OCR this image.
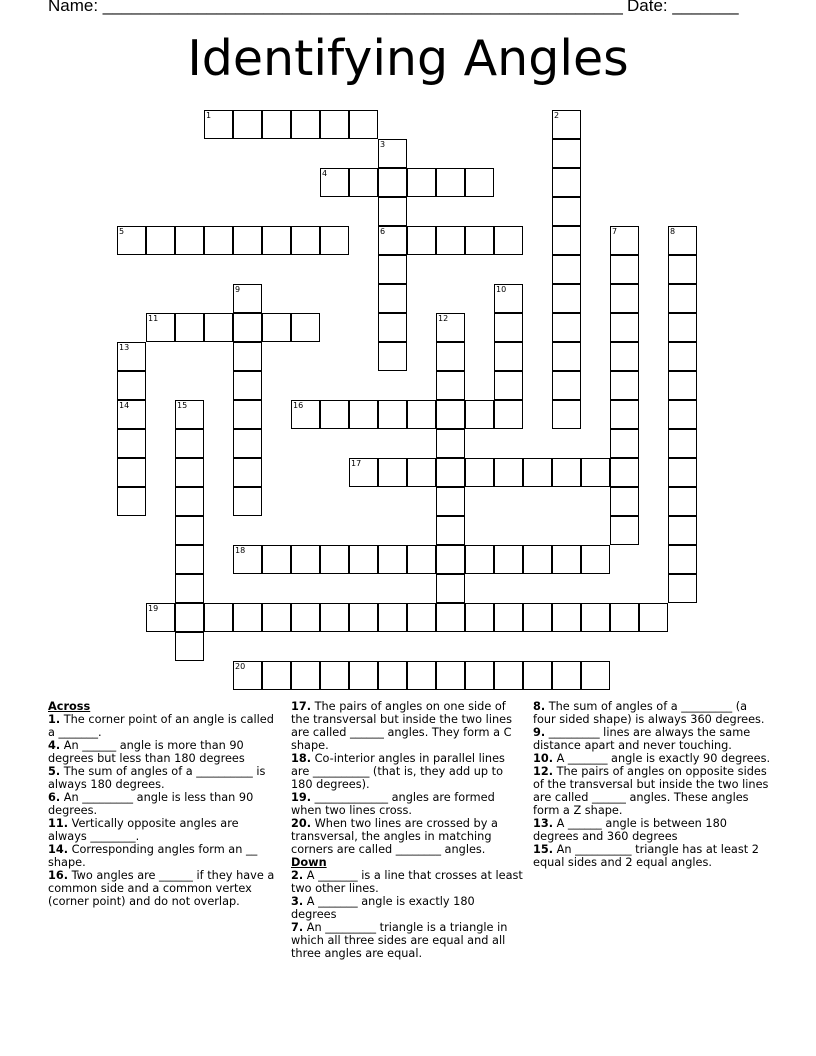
Name: _______________________________________________________ Date: _______
Identifying Angles
1	2
3
6
4
5	7	8
9	10
11	12
13
14	15	16
17
18
19
20
Across
1. The corner point of an angle is called a _______.
4. An ______ angle is more than 90 degrees but less than 180 degrees
5. The sum of angles of a __________ is always 180 degrees.
6. An _________ angle is less than 90 degrees.
11. Vertically opposite angles are always ________.
14. Corresponding angles form an __ shape.
16. Two angles are ______ if they have a common side and a common vertex (corner point) and do not overlap.
17. The pairs of angles on one side of the transversal but inside the two lines are called ______ angles. They form a C shape.
18. Co-interior angles in parallel lines are __________ (that is, they add up to 180 degrees).
19. _____________ angles are formed when two lines cross.
20. When two lines are crossed by a transversal, the angles in matching corners are called ________ angles.
Down
2. A _______ is a line that crosses at least two other lines.
3. A _______ angle is exactly 180 degrees
7. An _________ triangle is a triangle in which all three sides are equal and all three angles are equal.
8. The sum of angles of a _________ (a four sided shape) is always 360 degrees.
9. _________ lines are always the same distance apart and never touching.
10. A _______ angle is exactly 90 degrees.
12. The pairs of angles on opposite sides of the transversal but inside the two lines are called ______ angles. These angles form a Z shape.
13. A ______ angle is between 180 degrees and 360 degrees
15. An __________ triangle has at least 2 equal sides and 2 equal angles.
